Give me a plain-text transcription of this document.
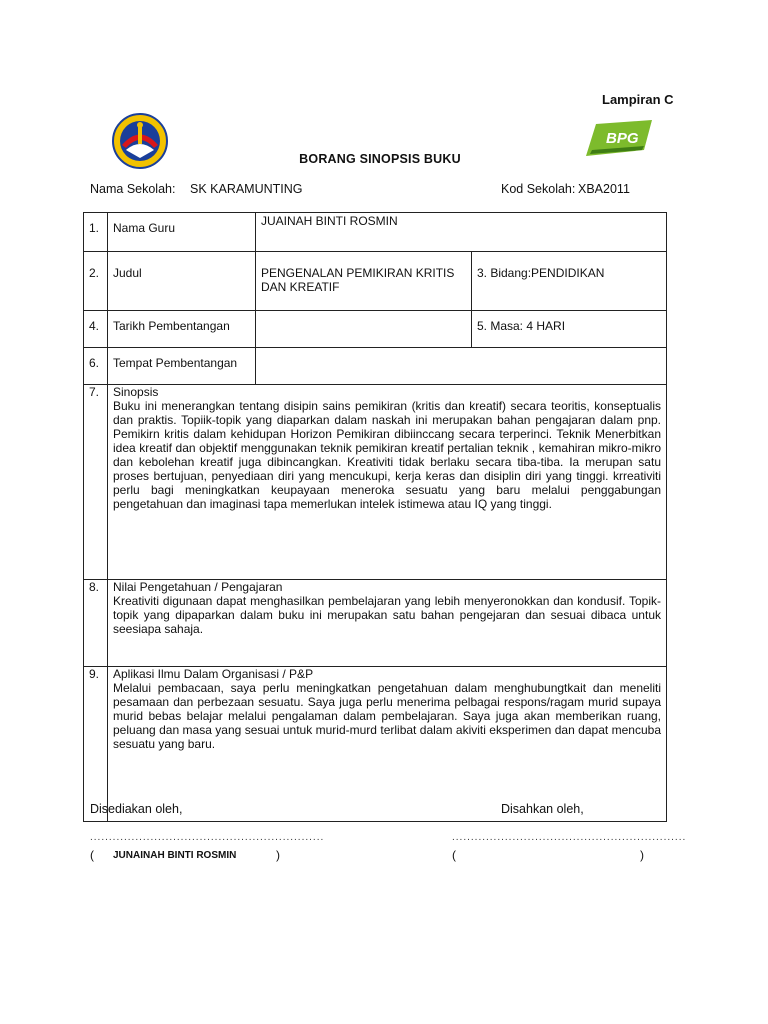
Lampiran C
BPG
BORANG SINOPSIS BUKU
Nama Sekolah: SK KARAMUNTING	Kod Sekolah: XBA2011
1.	Nama Guru	JUAINAH BINTI ROSMIN	
2.	Judul	PENGENALAN PEMIKIRAN KRITIS DAN KREATIF	3. Bidang:PENDIDIKAN
4.	Tarikh Pembentangan		5. Masa: 4 HARI
6.	Tempat Pembentangan		
7.	Sinopsis
Buku ini menerangkan tentang disipin sains pemikiran (kritis dan kreatif) secara teoritis, konseptualis dan praktis. Topiik-topik yang diaparkan dalam naskah ini merupakan bahan pengajaran dalam pnp. Pemikirn kritis dalam kehidupan Horizon Pemikiran dibiinccang secara terperinci. Teknik Menerbitkan idea kreatif dan objektif menggunakan teknik pemikiran kreatif pertalian teknik , kemahiran mikro-mikro dan kebolehan kreatif juga dibincangkan. Kreativiti tidak berlaku secara tiba-tiba. Ia merupan satu proses bertujuan, penyediaan diri yang mencukupi, kerja keras dan disiplin diri yang tinggi. krreativiti perlu bagi meningkatkan keupayaan meneroka sesuatu yang baru melalui penggabungan pengetahuan dan imaginasi tapa memerlukan intelek istimewa atau IQ yang tinggi.		

8.	Nilai Pengetahuan / Pengajaran
Kreativiti digunaan dapat menghasilkan pembelajaran yang lebih menyeronokkan dan kondusif. Topik- topik yang dipaparkan dalam buku ini merupakan satu bahan pengejaran dan sesuai dibaca untuk seesiapa sahaja.		

9.	Aplikasi Ilmu Dalam Organisasi / P&P
Melalui pembacaan, saya perlu meningkatkan pengetahuan dalam menghubungtkait dan meneliti pesamaan dan perbezaan sesuatu. Saya juga perlu menerima pelbagai respons/ragam murid supaya murid bebas belajar melalui pengalaman dalam pembelajaran. Saya juga akan memberikan ruang, peluang dan masa yang sesuai untuk murid-murd terlibat dalam akiviti eksperimen dan dapat mencuba sesuatu yang baru.		
Disediakan oleh,	Disahkan oleh,
..............................................................	..............................................................
( JUNAINAH BINTI ROSMIN	)	(	)
